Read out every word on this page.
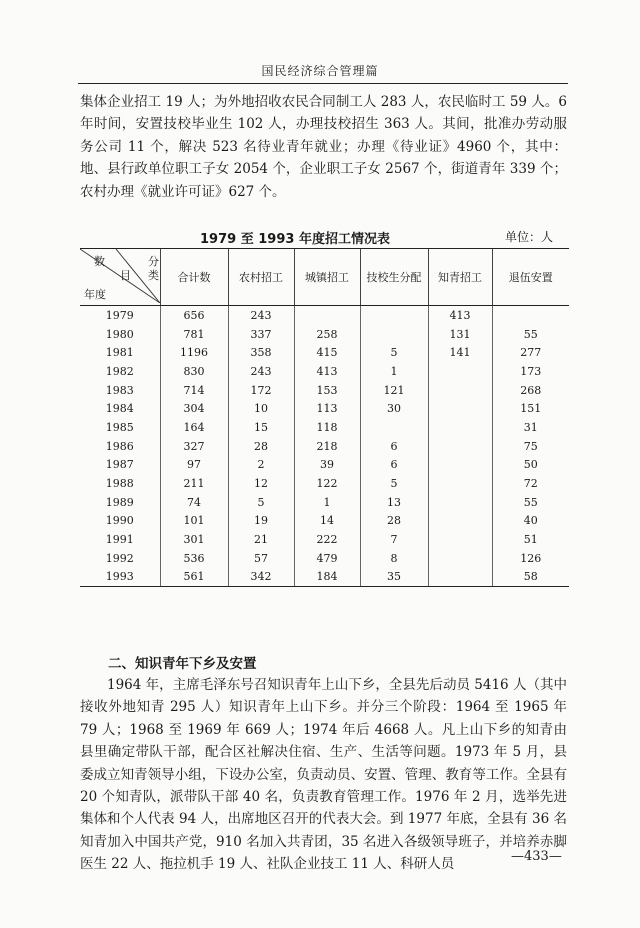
国民经济综合管理篇

集体企业招工 19 人；为外地招收农民合同制工人 283 人，农民临时工 59 人。6 年时间，安置技校毕业生 102 人，办理技校招生 363 人。其间，批准办劳动服务公司 11 个，解决 523 名待业青年就业；办理《待业证》4960 个，其中：地、县行政单位职工子女 2054 个，企业职工子女 2567 个，街道青年 339 个；农村办理《就业许可证》627 个。

1979 至 1993 年度招工情况表	单位：人
数 分
目 类
年度	合计数	农村招工	城镇招工	技校生分配	知青招工	退伍安置
1979	656	243			413	
1980	781	337	258		131	55
1981	1196	358	415	5	141	277
1982	830	243	413	1		173
1983	714	172	153	121		268
1984	304	10	113	30		151
1985	164	15	118			31
1986	327	28	218	6		75
1987	97	2	39	6		50
1988	211	12	122	5		72
1989	74	5	1	13		55
1990	101	19	14	28		40
1991	301	21	222	7		51
1992	536	57	479	8		126
1993	561	342	184	35		58
二、知识青年下乡及安置

1964 年，主席毛泽东号召知识青年上山下乡，全县先后动员 5416 人（其中接收外地知青 295 人）知识青年上山下乡。并分三个阶段：1964 至 1965 年 79 人；1968 至 1969 年 669 人；1974 年后 4668 人。凡上山下乡的知青由县里确定带队干部，配合区社解决住宿、生产、生活等问题。1973 年 5 月，县委成立知青领导小组，下设办公室，负责动员、安置、管理、教育等工作。全县有 20 个知青队，派带队干部 40 名，负责教育管理工作。1976 年 2 月，选举先进集体和个人代表 94 人，出席地区召开的代表大会。到 1977 年底，全县有 36 名知青加入中国共产党，910 名加入共青团，35 名进入各级领导班子，并培养赤脚医生 22 人、拖拉机手 19 人、社队企业技工 11 人、科研人员	—433—
